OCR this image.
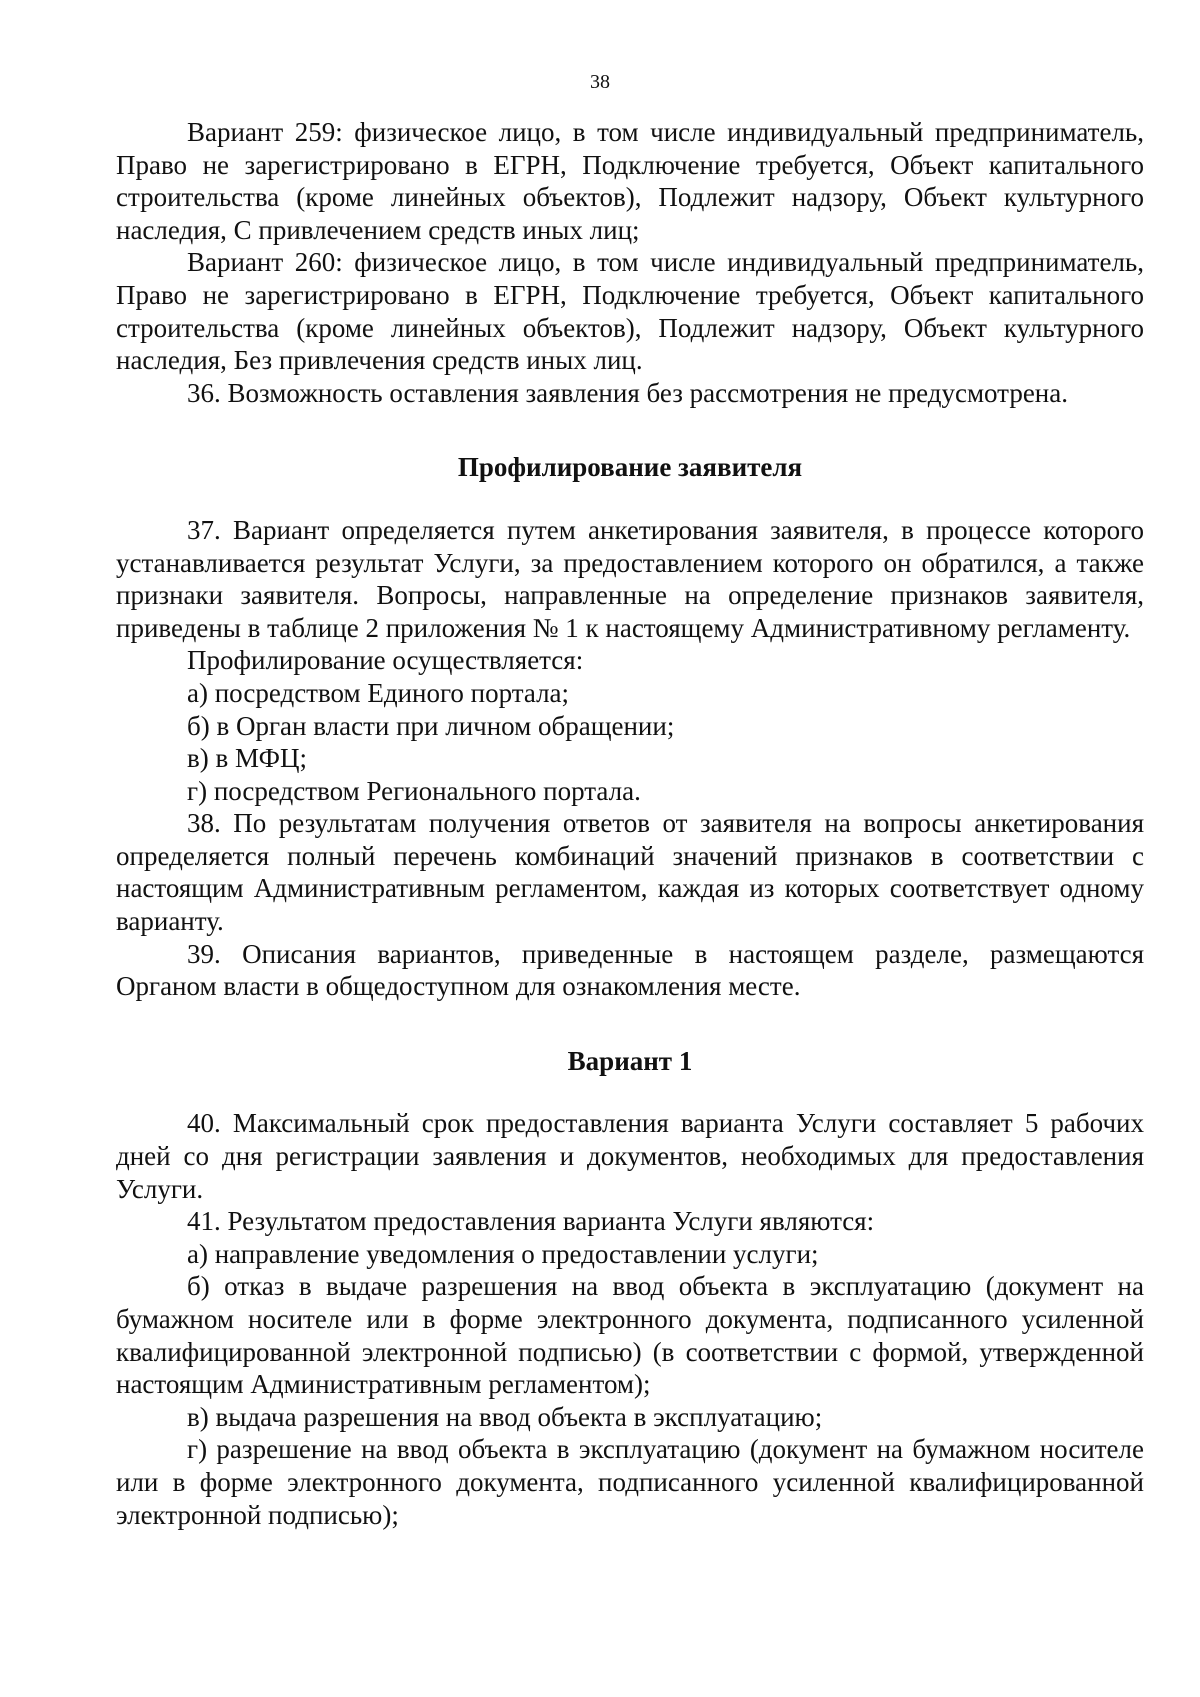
38

Вариант 259: физическое лицо, в том числе индивидуальный предприниматель, Право не зарегистрировано в ЕГРН, Подключение требуется, Объект капитального строительства (кроме линейных объектов), Подлежит надзору, Объект культурного наследия, С привлечением средств иных лиц;

Вариант 260: физическое лицо, в том числе индивидуальный предприниматель, Право не зарегистрировано в ЕГРН, Подключение требуется, Объект капитального строительства (кроме линейных объектов), Подлежит надзору, Объект культурного наследия, Без привлечения средств иных лиц.

36. Возможность оставления заявления без рассмотрения не предусмотрена.

Профилирование заявителя

37. Вариант определяется путем анкетирования заявителя, в процессе которого устанавливается результат Услуги, за предоставлением которого он обратился, а также признаки заявителя. Вопросы, направленные на определение признаков заявителя, приведены в таблице 2 приложения № 1 к настоящему Административному регламенту.

Профилирование осуществляется:

а) посредством Единого портала;

б) в Орган власти при личном обращении;

в) в МФЦ;

г) посредством Регионального портала.

38. По результатам получения ответов от заявителя на вопросы анкетирования определяется полный перечень комбинаций значений признаков в соответствии с настоящим Административным регламентом, каждая из которых соответствует одному варианту.

39. Описания вариантов, приведенные в настоящем разделе, размещаются Органом власти в общедоступном для ознакомления месте.

Вариант 1

40. Максимальный срок предоставления варианта Услуги составляет 5 рабочих дней со дня регистрации заявления и документов, необходимых для предоставления Услуги.

41. Результатом предоставления варианта Услуги являются:

а) направление уведомления о предоставлении услуги;

б) отказ в выдаче разрешения на ввод объекта в эксплуатацию (документ на бумажном носителе или в форме электронного документа, подписанного усиленной квалифицированной электронной подписью) (в соответствии с формой, утвержденной настоящим Административным регламентом);

в) выдача разрешения на ввод объекта в эксплуатацию;

г) разрешение на ввод объекта в эксплуатацию (документ на бумажном носителе или в форме электронного документа, подписанного усиленной квалифицированной электронной подписью);
